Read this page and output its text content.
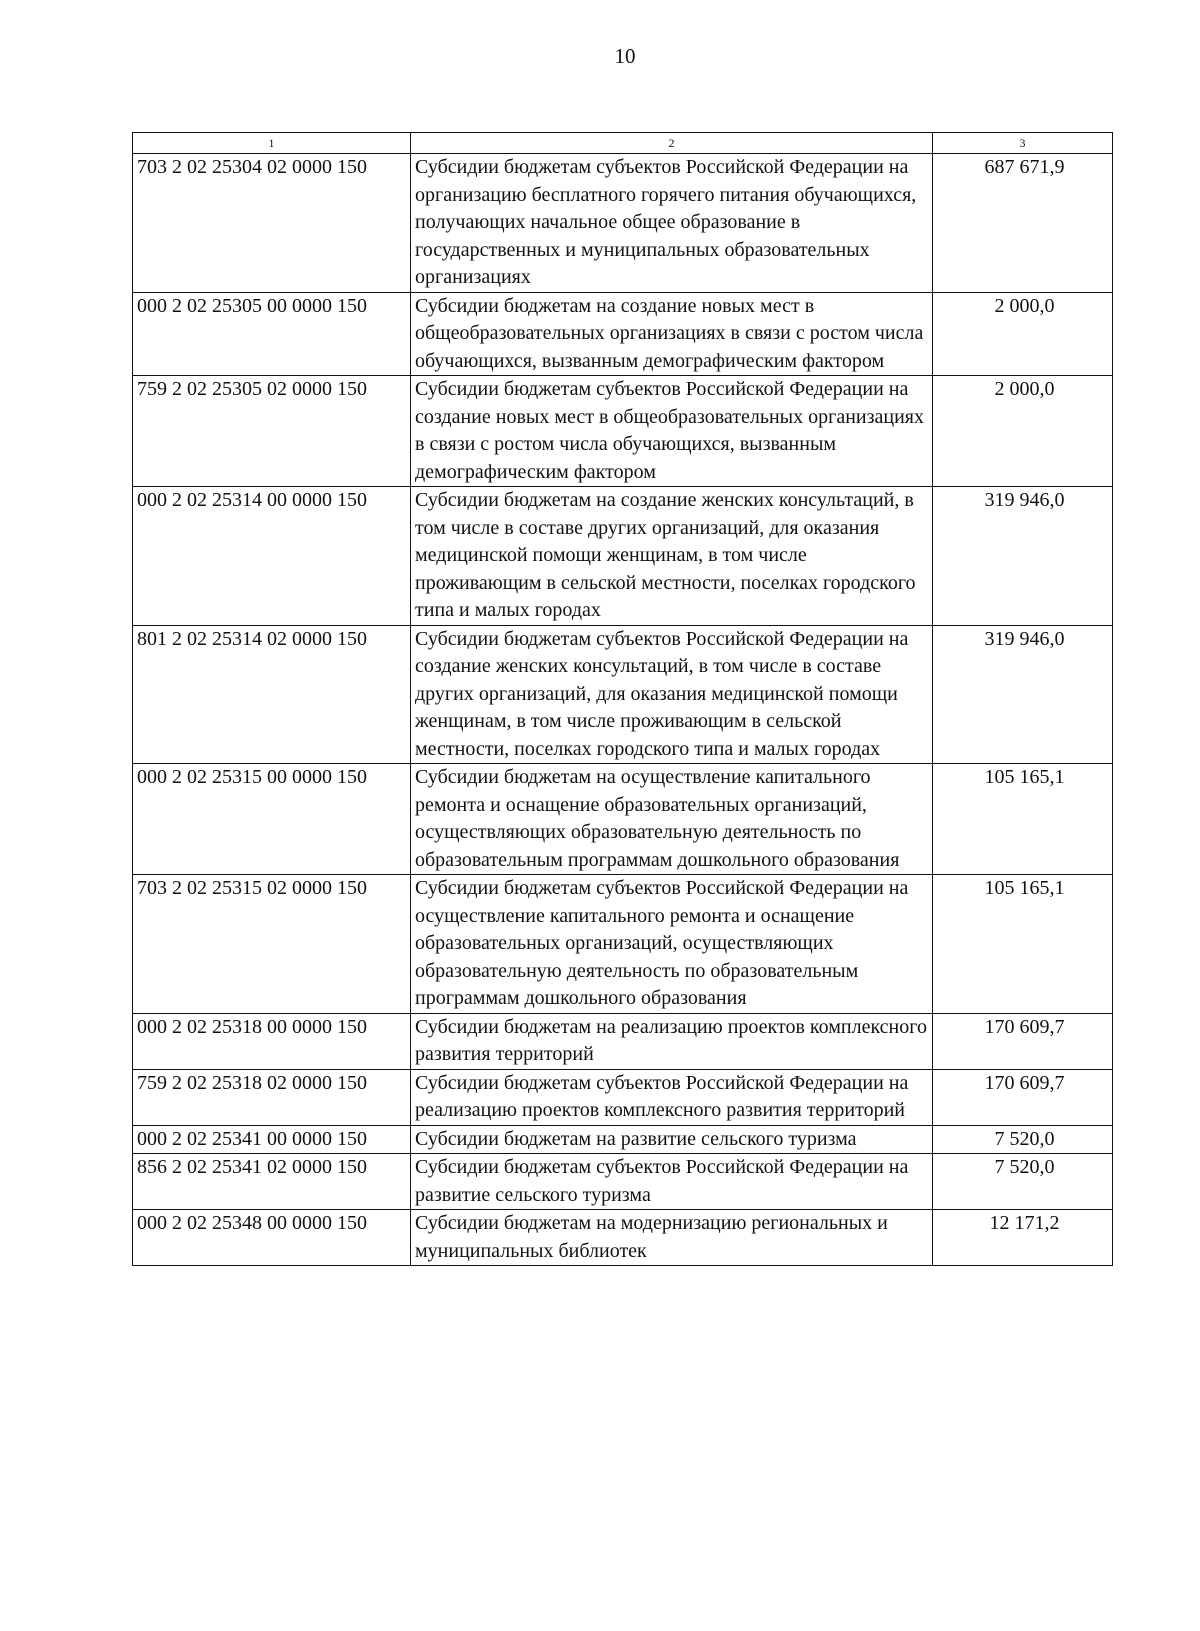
10
1	2	3
703 2 02 25304 02 0000 150	Субсидии бюджетам субъектов Российской Федерации на организацию бесплатного горячего питания обучающихся, получающих начальное общее образование в государственных и муниципальных образовательных организациях	687 671,9
000 2 02 25305 00 0000 150	Субсидии бюджетам на создание новых мест в общеобразовательных организациях в связи с ростом числа обучающихся, вызванным демографическим фактором	2 000,0
759 2 02 25305 02 0000 150	Субсидии бюджетам субъектов Российской Федерации на создание новых мест в общеобразовательных организациях в связи с ростом числа обучающихся, вызванным демографическим фактором	2 000,0
000 2 02 25314 00 0000 150	Субсидии бюджетам на создание женских консультаций, в том числе в составе других организаций, для оказания медицинской помощи женщинам, в том числе проживающим в сельской местности, поселках городского типа и малых городах	319 946,0
801 2 02 25314 02 0000 150	Субсидии бюджетам субъектов Российской Федерации на создание женских консультаций, в том числе в составе других организаций, для оказания медицинской помощи женщинам, в том числе проживающим в сельской местности, поселках городского типа и малых городах	319 946,0
000 2 02 25315 00 0000 150	Субсидии бюджетам на осуществление капитального ремонта и оснащение образовательных организаций, осуществляющих образовательную деятельность по образовательным программам дошкольного образования	105 165,1
703 2 02 25315 02 0000 150	Субсидии бюджетам субъектов Российской Федерации на осуществление капитального ремонта и оснащение образовательных организаций, осуществляющих образовательную деятельность по образовательным программам дошкольного образования	105 165,1
000 2 02 25318 00 0000 150	Субсидии бюджетам на реализацию проектов комплексного развития территорий	170 609,7
759 2 02 25318 02 0000 150	Субсидии бюджетам субъектов Российской Федерации на реализацию проектов комплексного развития территорий	170 609,7
000 2 02 25341 00 0000 150	Субсидии бюджетам на развитие сельского туризма	7 520,0
856 2 02 25341 02 0000 150	Субсидии бюджетам субъектов Российской Федерации на развитие сельского туризма	7 520,0
000 2 02 25348 00 0000 150	Субсидии бюджетам на модернизацию региональных и муниципальных библиотек	12 171,2
